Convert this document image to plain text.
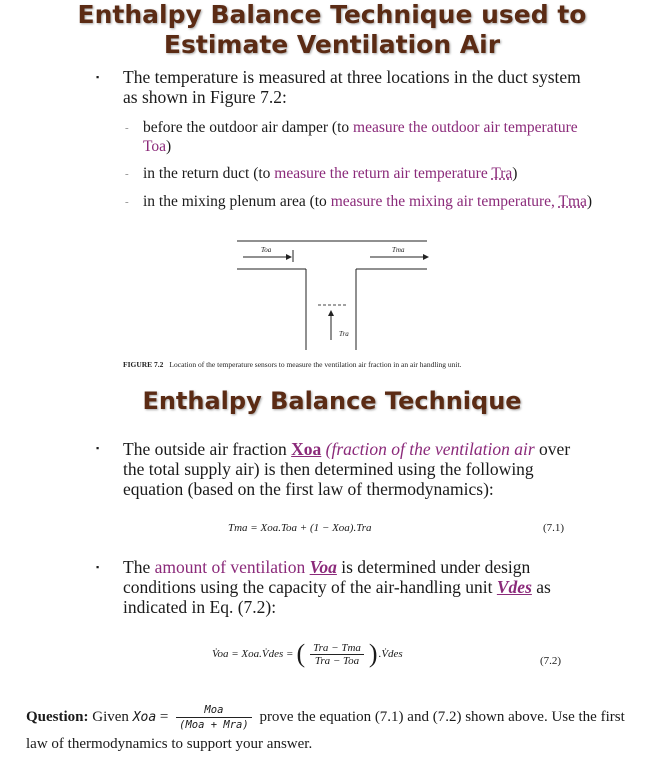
Enthalpy Balance Technique used to
Estimate Ventilation Air
▪ The temperature is measured at three locations in the duct system as shown in Figure 7.2:
- before the outdoor air damper (to measure the outdoor air temperature Toa)
- in the return duct (to measure the return air temperature Tra)
- in the mixing plenum area (to measure the mixing air temperature, Tma)
Toa	Tma
Tra
FIGURE 7.2 Location of the temperature sensors to measure the ventilation air fraction in an air handling unit.
Enthalpy Balance Technique
▪ The outside air fraction Xoa (fraction of the ventilation air over the total supply air) is then determined using the following equation (based on the first law of thermodynamics):
Tma = Xoa.Toa + (1 − Xoa).Tra	(7.1)
▪ The amount of ventilation Voa is determined under design conditions using the capacity of the air-handling unit Vdes as indicated in Eq. (7.2):
V̇oa = Xoa.V̇des = ( $\frac{\text{Tra − Tma}}{\text{Tra − Toa}}$ ) .V̇des
(7.2)
Question: Given Xoa = $\frac{\text{Moa}}{\text{(Moa + Mra)}}$ prove the equation (7.1) and (7.2) shown above. Use the first law of thermodynamics to support your answer.
